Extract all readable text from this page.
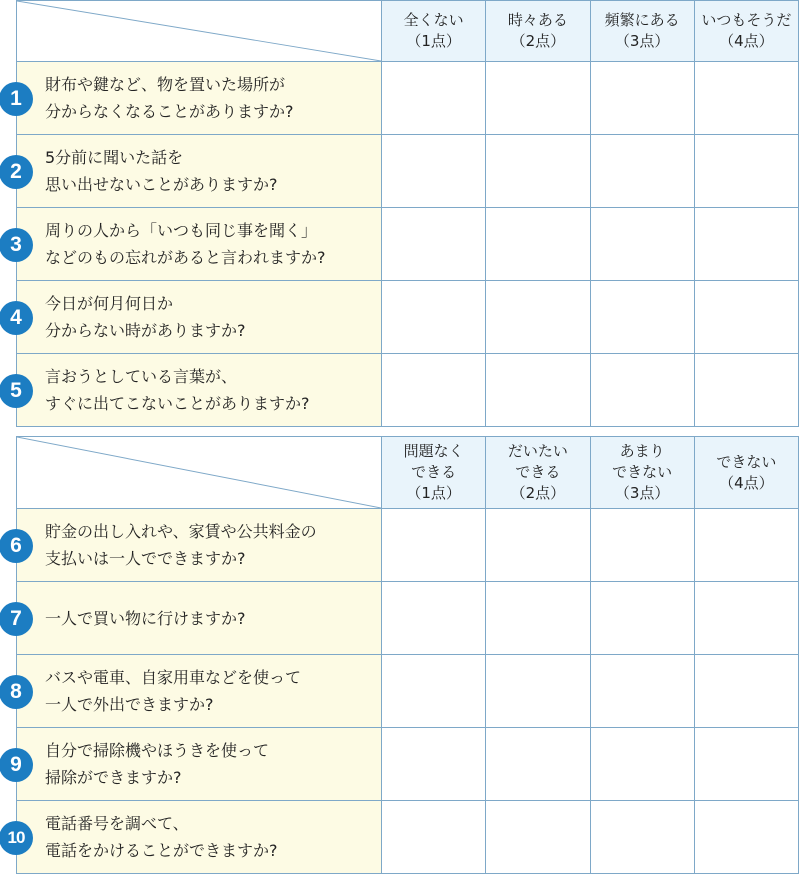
全くない
（1点）
時々ある
（2点）
頻繁にある
（3点）
いつもそうだ
（4点）
1
財布や鍵など、物を置いた場所が
分からなくなることがありますか?
2
5分前に聞いた話を
思い出せないことがありますか?
3
周りの人から「いつも同じ事を聞く」
などのもの忘れがあると言われますか?
4
今日が何月何日か
分からない時がありますか?
5
言おうとしている言葉が、
すぐに出てこないことがありますか?
問題なく
できる
（1点）
だいたい
できる
（2点）
あまり
できない
（3点）
できない
（4点）
6
貯金の出し入れや、家賃や公共料金の
支払いは一人でできますか?
7	一人で買い物に行けますか?
8
バスや電車、自家用車などを使って
一人で外出できますか?
9
自分で掃除機やほうきを使って
掃除ができますか?
10
電話番号を調べて、
電話をかけることができますか?
